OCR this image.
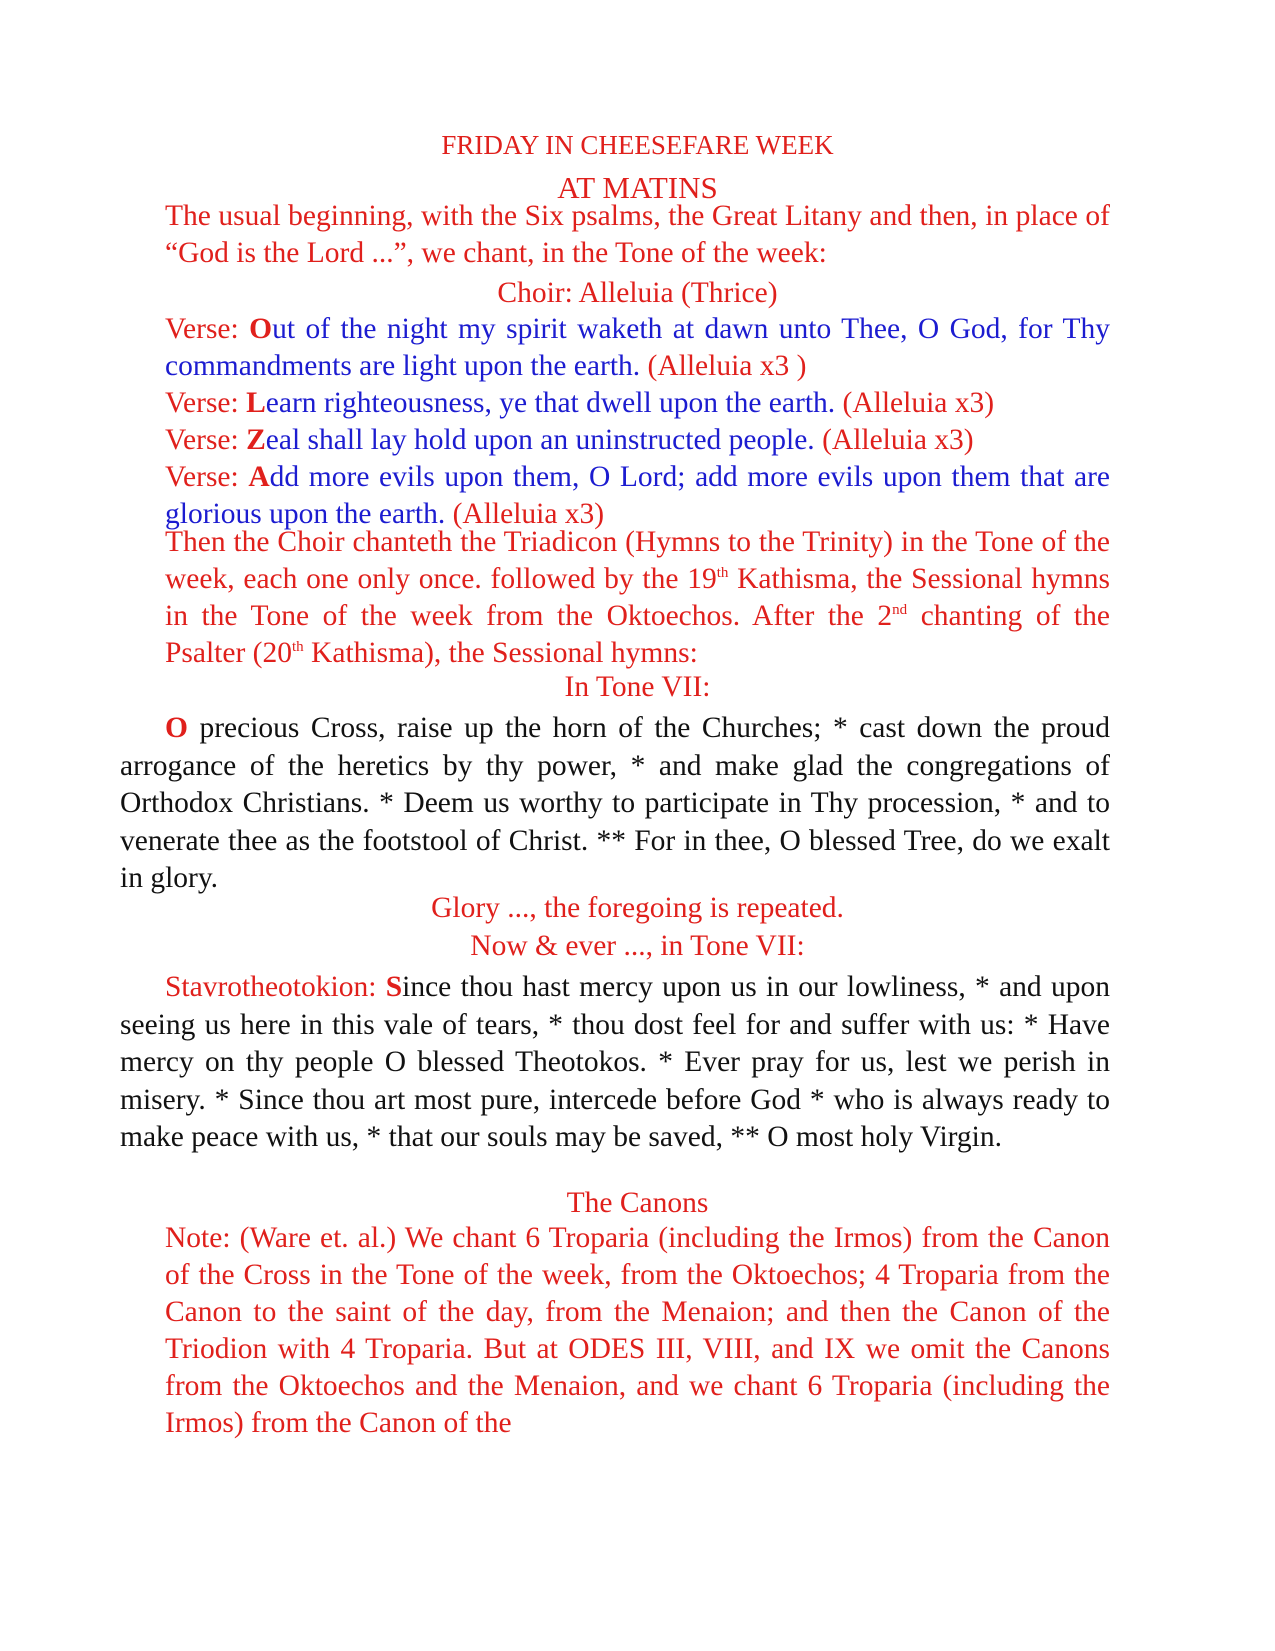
FRIDAY IN CHEESEFARE WEEK
AT MATINS
The usual beginning, with the Six psalms, the Great Litany and then, in place of “God is the Lord ...”, we chant, in the Tone of the week:
Choir: Alleluia (Thrice)

Verse: Out of the night my spirit waketh at dawn unto Thee, O God, for Thy commandments are light upon the earth. (Alleluia x3 )

Verse: Learn righteousness, ye that dwell upon the earth. (Alleluia x3)

Verse: Zeal shall lay hold upon an uninstructed people. (Alleluia x3)

Verse: Add more evils upon them, O Lord; add more evils upon them that are glorious upon the earth. (Alleluia x3)

Then the Choir chanteth the Triadicon (Hymns to the Trinity) in the Tone of the week, each one only once. followed by the 19th Kathisma, the Sessional hymns in the Tone of the week from the Oktoechos. After the 2nd chanting of the Psalter (20th Kathisma), the Sessional hymns:
In Tone VII:

O precious Cross, raise up the horn of the Churches; * cast down the proud arrogance of the heretics by thy power, * and make glad the congregations of Orthodox Christians. * Deem us worthy to participate in Thy procession, * and to venerate thee as the footstool of Christ. ** For in thee, O blessed Tree, do we exalt in glory.

Glory ..., the foregoing is repeated.
Now & ever ..., in Tone VII:

Stavrotheotokion: Since thou hast mercy upon us in our lowliness, * and upon seeing us here in this vale of tears, * thou dost feel for and suffer with us: * Have mercy on thy people O blessed Theotokos. * Ever pray for us, lest we perish in misery. * Since thou art most pure, intercede before God * who is always ready to make peace with us, * that our souls may be saved, ** O most holy Virgin.

The Canons
Note: (Ware et. al.) We chant 6 Troparia (including the Irmos) from the Canon of the Cross in the Tone of the week, from the Oktoechos; 4 Troparia from the Canon to the saint of the day, from the Menaion; and then the Canon of the Triodion with 4 Troparia. But at ODES III, VIII, and IX we omit the Canons from the Oktoechos and the Menaion, and we chant 6 Troparia (including the Irmos) from the Canon of the
